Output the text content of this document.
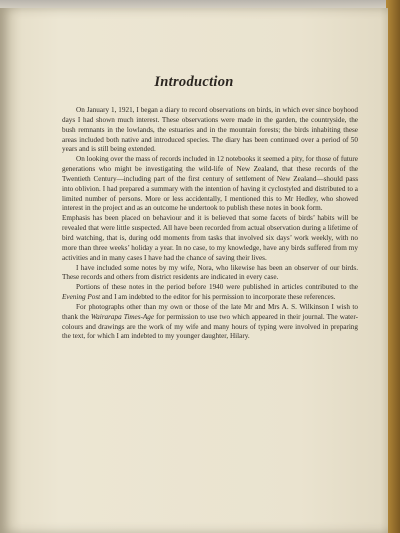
Introduction

On January 1, 1921, I began a diary to record observations on birds, in which ever since boyhood days I had shown much interest. These observations were made in the garden, the countryside, the bush remnants in the lowlands, the estuaries and in the mountain forests; the birds inhabiting these areas included both native and introduced species. The diary has been continued over a period of 50 years and is still being extended.

On looking over the mass of records included in 12 notebooks it seemed a pity, for those of future generations who might be investigating the wild-life of New Zealand, that these records of the Twentieth Century—including part of the first century of settlement of New Zealand—should pass into oblivion. I had prepared a summary with the intention of having it cyclostyled and distributed to a limited number of persons. More or less accidentally, I mentioned this to Mr Hedley, who showed interest in the project and as an outcome he undertook to publish these notes in book form.

Emphasis has been placed on behaviour and it is believed that some facets of birds’ habits will be revealed that were little suspected. All have been recorded from actual observation during a lifetime of bird watching, that is, during odd moments from tasks that involved six days’ work weekly, with no more than three weeks’ holiday a year. In no case, to my knowledge, have any birds suffered from my activities and in many cases I have had the chance of saving their lives.

I have included some notes by my wife, Nora, who likewise has been an observer of our birds. These records and others from district residents are indicated in every case.

Portions of these notes in the period before 1940 were published in articles contributed to the Evening Post and I am indebted to the editor for his permission to incorporate these references.

For photographs other than my own or those of the late Mr and Mrs A. S. Wilkinson I wish to thank the Wairarapa Times-Age for permission to use two which appeared in their journal. The water-colours and drawings are the work of my wife and many hours of typing were involved in preparing the text, for which I am indebted to my younger daughter, Hilary.
